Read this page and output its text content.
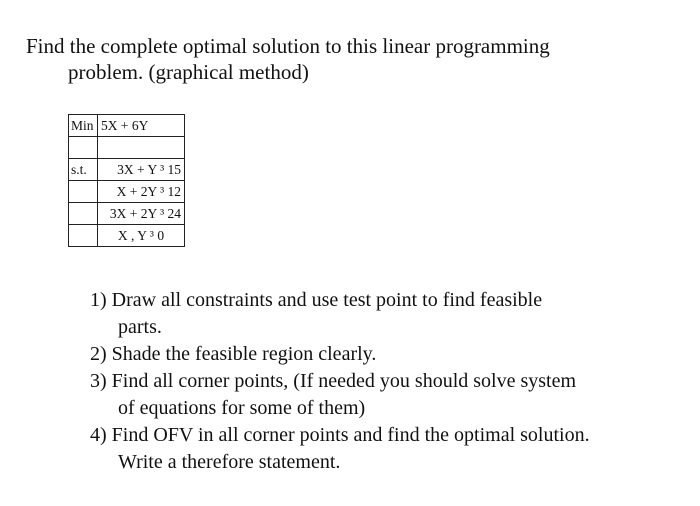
Find the complete optimal solution to this linear programming
problem. (graphical method)
Min	5X + 6Y

s.t.	3X + Y ³ 15
	X + 2Y ³ 12
	3X + 2Y ³ 24
	X , Y ³ 0
1) Draw all constraints and use test point to find feasible
parts.
2) Shade the feasible region clearly.
3) Find all corner points, (If needed you should solve system
of equations for some of them)
4) Find OFV in all corner points and find the optimal solution.
Write a therefore statement.
